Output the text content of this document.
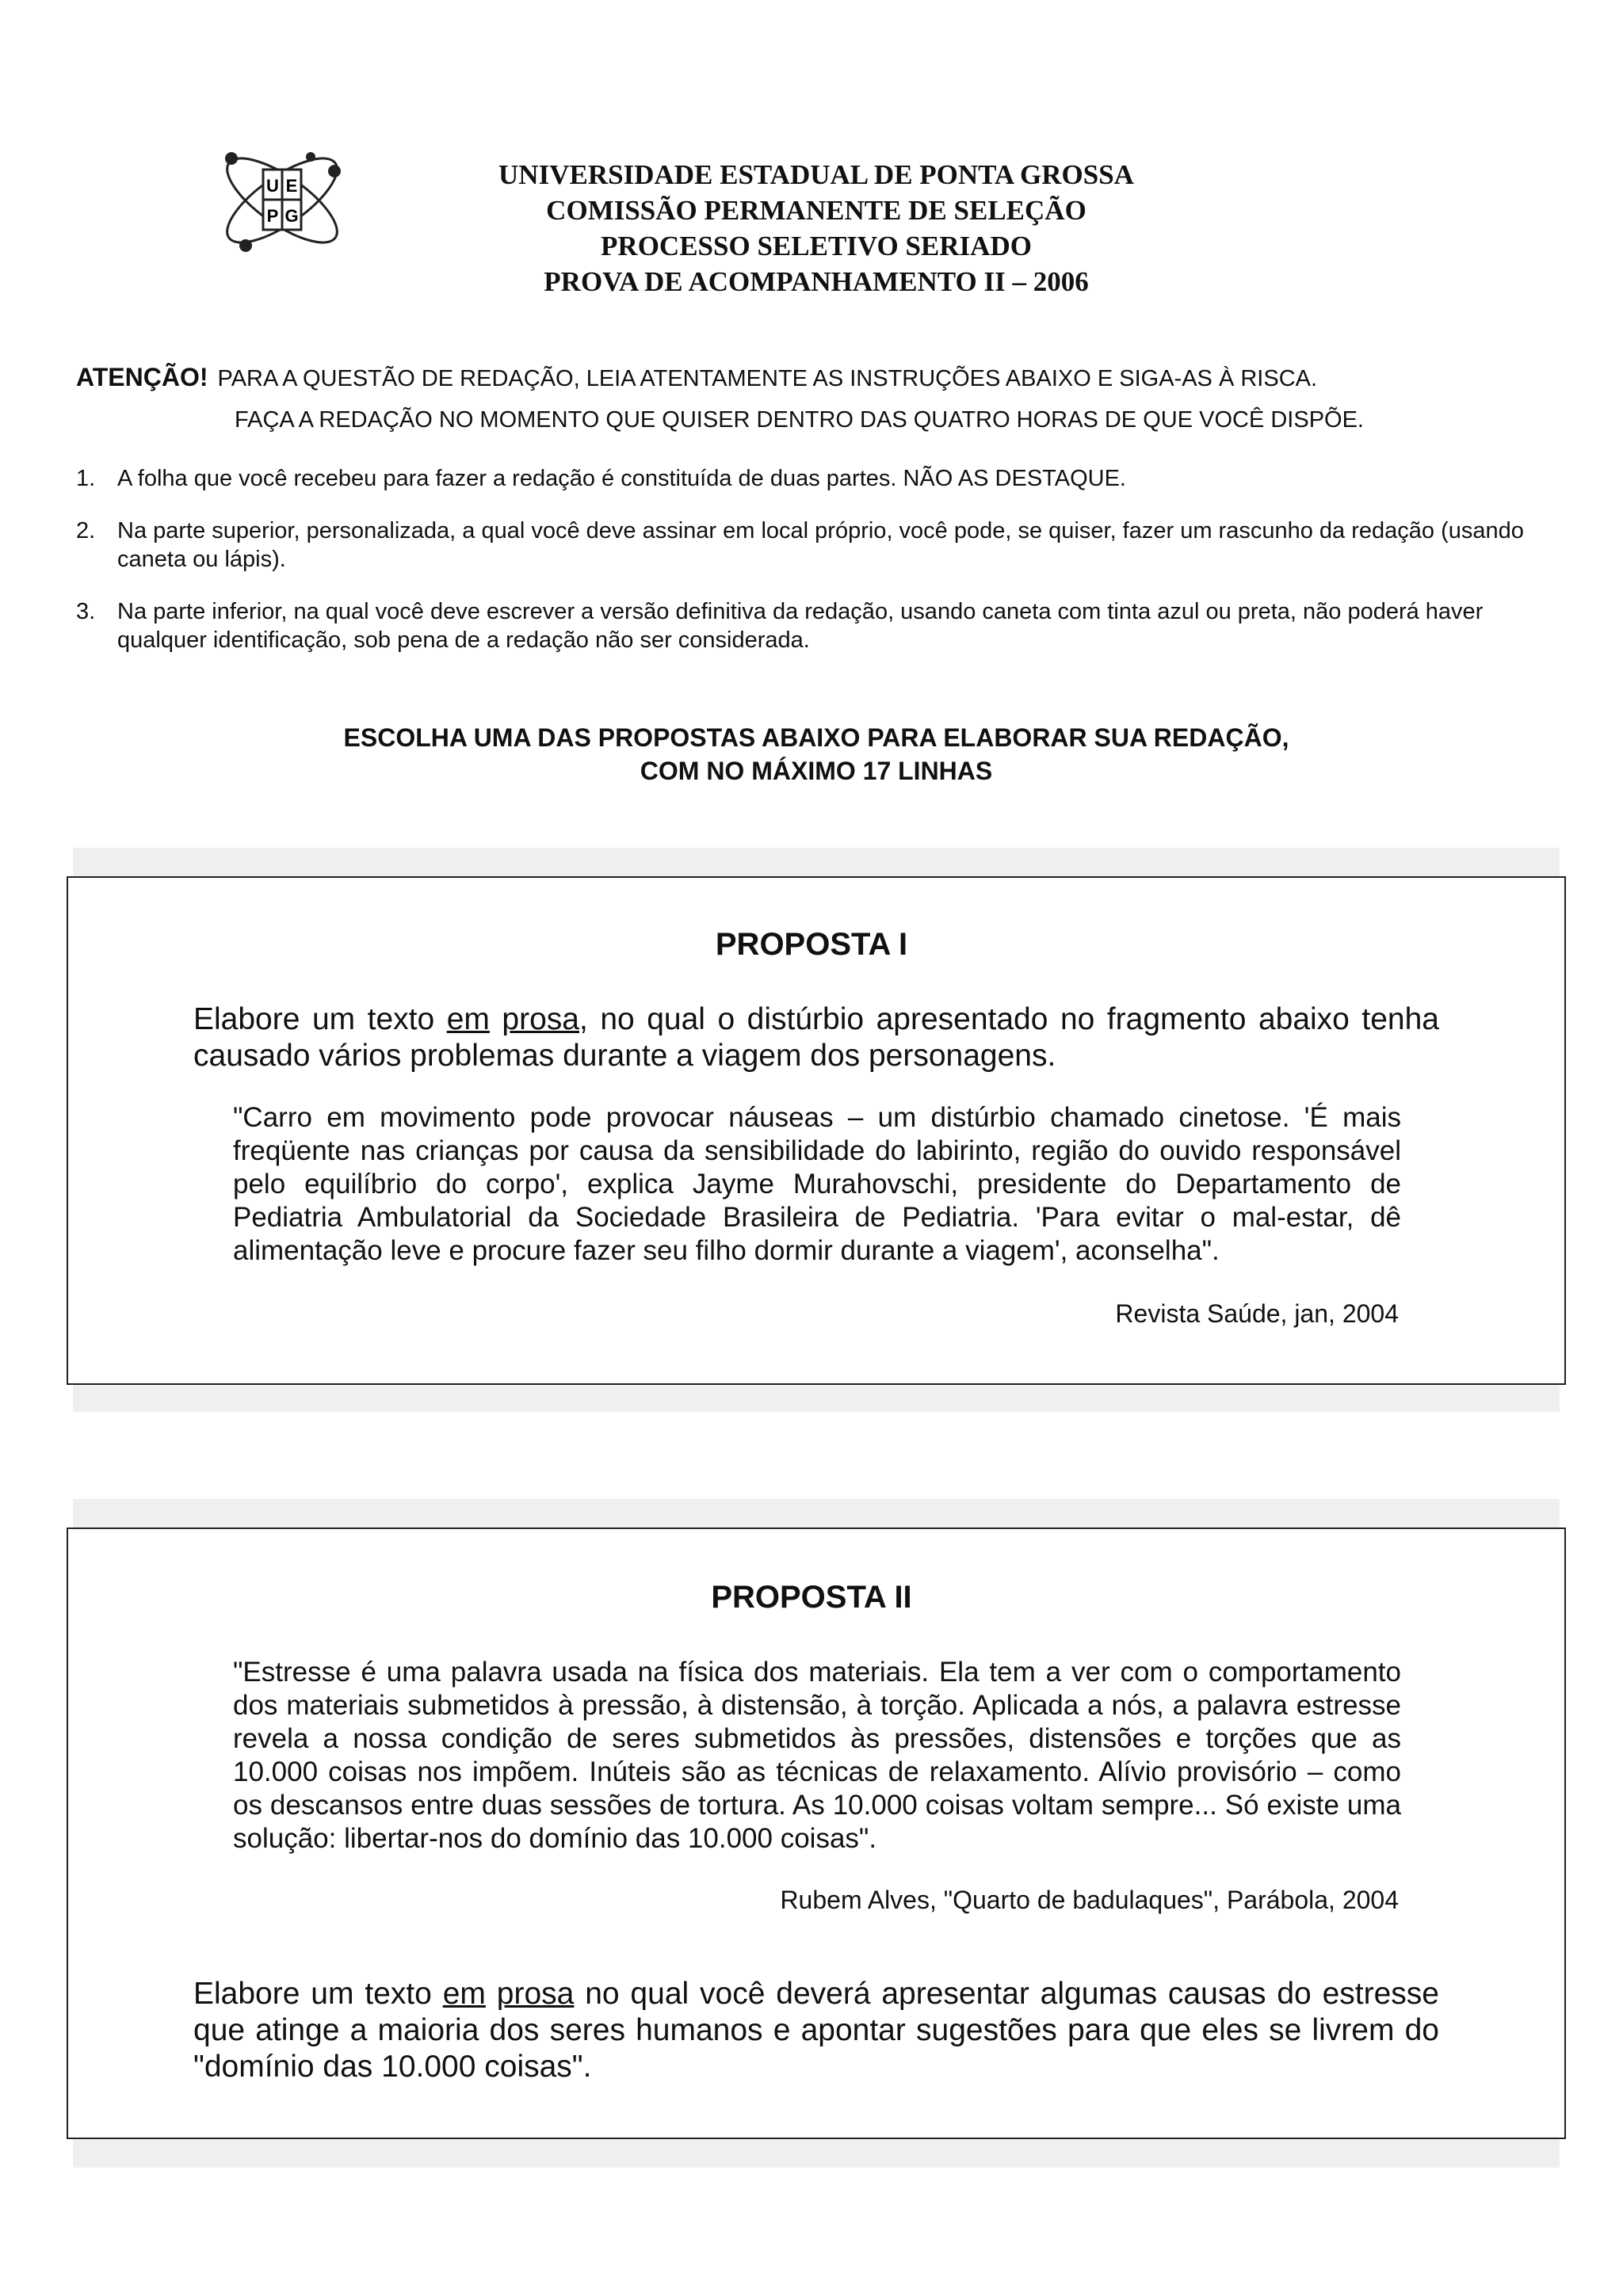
U E
P G
UNIVERSIDADE ESTADUAL DE PONTA GROSSA
COMISSÃO PERMANENTE DE SELEÇÃO
PROCESSO SELETIVO SERIADO
PROVA DE ACOMPANHAMENTO II – 2006
ATENÇÃO! PARA A QUESTÃO DE REDAÇÃO, LEIA ATENTAMENTE AS INSTRUÇÕES ABAIXO E SIGA-AS À RISCA.
FAÇA A REDAÇÃO NO MOMENTO QUE QUISER DENTRO DAS QUATRO HORAS DE QUE VOCÊ DISPÕE.
1. A folha que você recebeu para fazer a redação é constituída de duas partes. NÃO AS DESTAQUE.
2. Na parte superior, personalizada, a qual você deve assinar em local próprio, você pode, se quiser, fazer um rascunho da redação (usando caneta ou lápis).
3. Na parte inferior, na qual você deve escrever a versão definitiva da redação, usando caneta com tinta azul ou preta, não poderá haver qualquer identificação, sob pena de a redação não ser considerada.
ESCOLHA UMA DAS PROPOSTAS ABAIXO PARA ELABORAR SUA REDAÇÃO,
COM NO MÁXIMO 17 LINHAS
PROPOSTA I
Elabore um texto em prosa, no qual o distúrbio apresentado no fragmento abaixo tenha causado vários problemas durante a viagem dos personagens.
"Carro em movimento pode provocar náuseas – um distúrbio chamado cinetose. 'É mais freqüente nas crianças por causa da sensibilidade do labirinto, região do ouvido responsável pelo equilíbrio do corpo', explica Jayme Murahovschi, presidente do Departamento de Pediatria Ambulatorial da Sociedade Brasileira de Pediatria. 'Para evitar o mal-estar, dê alimentação leve e procure fazer seu filho dormir durante a viagem', aconselha".
Revista Saúde, jan, 2004
PROPOSTA II
"Estresse é uma palavra usada na física dos materiais. Ela tem a ver com o comportamento dos materiais submetidos à pressão, à distensão, à torção. Aplicada a nós, a palavra estresse revela a nossa condição de seres submetidos às pressões, distensões e torções que as 10.000 coisas nos impõem. Inúteis são as técnicas de relaxamento. Alívio provisório – como os descansos entre duas sessões de tortura. As 10.000 coisas voltam sempre... Só existe uma solução: libertar-nos do domínio das 10.000 coisas".
Rubem Alves, "Quarto de badulaques", Parábola, 2004
Elabore um texto em prosa no qual você deverá apresentar algumas causas do estresse que atinge a maioria dos seres humanos e apontar sugestões para que eles se livrem do "domínio das 10.000 coisas".
